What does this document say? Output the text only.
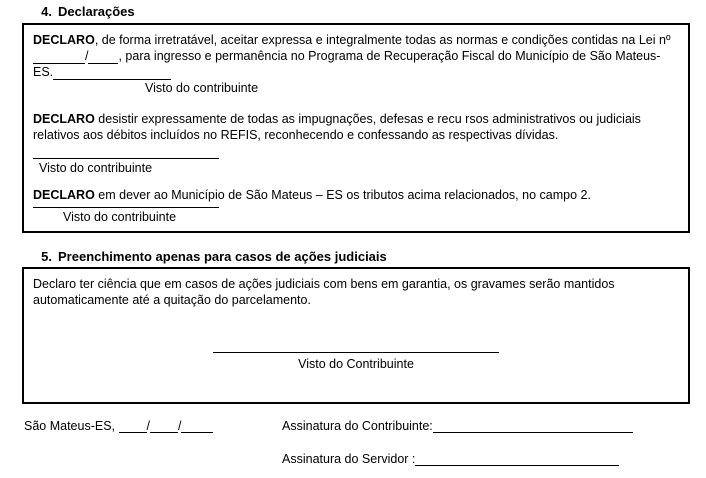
4. Declarações

DECLARO, de forma irretratável, aceitar expressa e integralmente todas as normas e condições contidas na Lei nº / , para ingresso e permanência no Programa de Recuperação Fiscal do Município de São Mateus-ES.

Visto do contribuinte

DECLARO desistir expressamente de todas as impugnações, defesas e recu rsos administrativos ou judiciais relativos aos débitos incluídos no REFIS, reconhecendo e confessando as respectivas dívidas.

Visto do contribuinte

DECLARO em dever ao Município de São Mateus – ES os tributos acima relacionados, no campo 2.

Visto do contribuinte
5. Preenchimento apenas para casos de ações judiciais

Declaro ter ciência que em casos de ações judiciais com bens em garantia, os gravames serão mantidos automaticamente até a quitação do parcelamento.

Visto do Contribuinte
São Mateus-ES,	/ /	Assinatura do Contribuinte:
Assinatura do Servidor :
